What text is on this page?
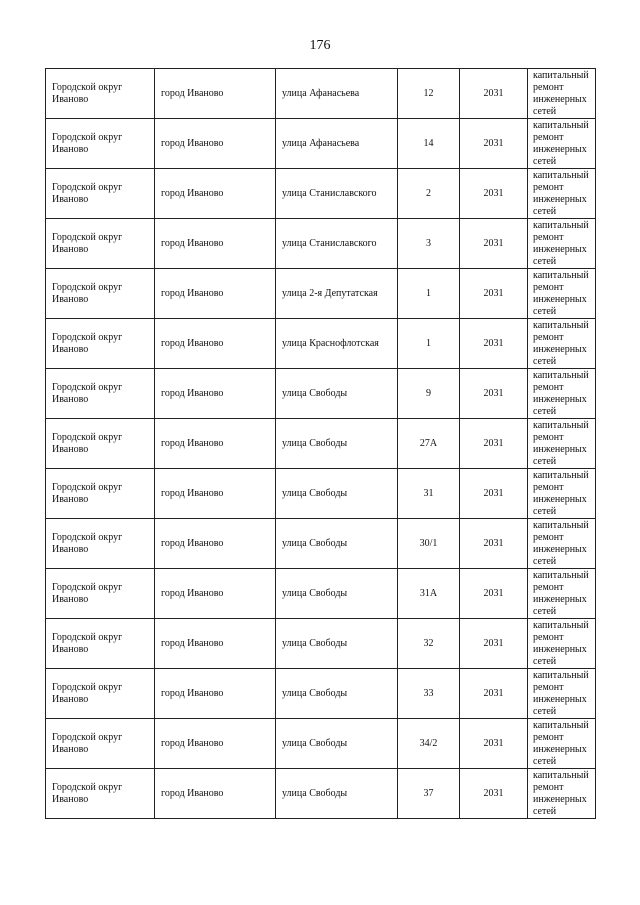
176
Городской округ Иваново	город Иваново	улица Афанасьева	12	2031	капитальный ремонт инженерных сетей
Городской округ Иваново	город Иваново	улица Афанасьева	14	2031	капитальный ремонт инженерных сетей
Городской округ Иваново	город Иваново	улица Станиславского	2	2031	капитальный ремонт инженерных сетей
Городской округ Иваново	город Иваново	улица Станиславского	3	2031	капитальный ремонт инженерных сетей
Городской округ Иваново	город Иваново	улица 2-я Депутатская	1	2031	капитальный ремонт инженерных сетей
Городской округ Иваново	город Иваново	улица Краснофлотская	1	2031	капитальный ремонт инженерных сетей
Городской округ Иваново	город Иваново	улица Свободы	9	2031	капитальный ремонт инженерных сетей
Городской округ Иваново	город Иваново	улица Свободы	27А	2031	капитальный ремонт инженерных сетей
Городской округ Иваново	город Иваново	улица Свободы	31	2031	капитальный ремонт инженерных сетей
Городской округ Иваново	город Иваново	улица Свободы	30/1	2031	капитальный ремонт инженерных сетей
Городской округ Иваново	город Иваново	улица Свободы	31А	2031	капитальный ремонт инженерных сетей
Городской округ Иваново	город Иваново	улица Свободы	32	2031	капитальный ремонт инженерных сетей
Городской округ Иваново	город Иваново	улица Свободы	33	2031	капитальный ремонт инженерных сетей
Городской округ Иваново	город Иваново	улица Свободы	34/2	2031	капитальный ремонт инженерных сетей
Городской округ Иваново	город Иваново	улица Свободы	37	2031	капитальный ремонт инженерных сетей
